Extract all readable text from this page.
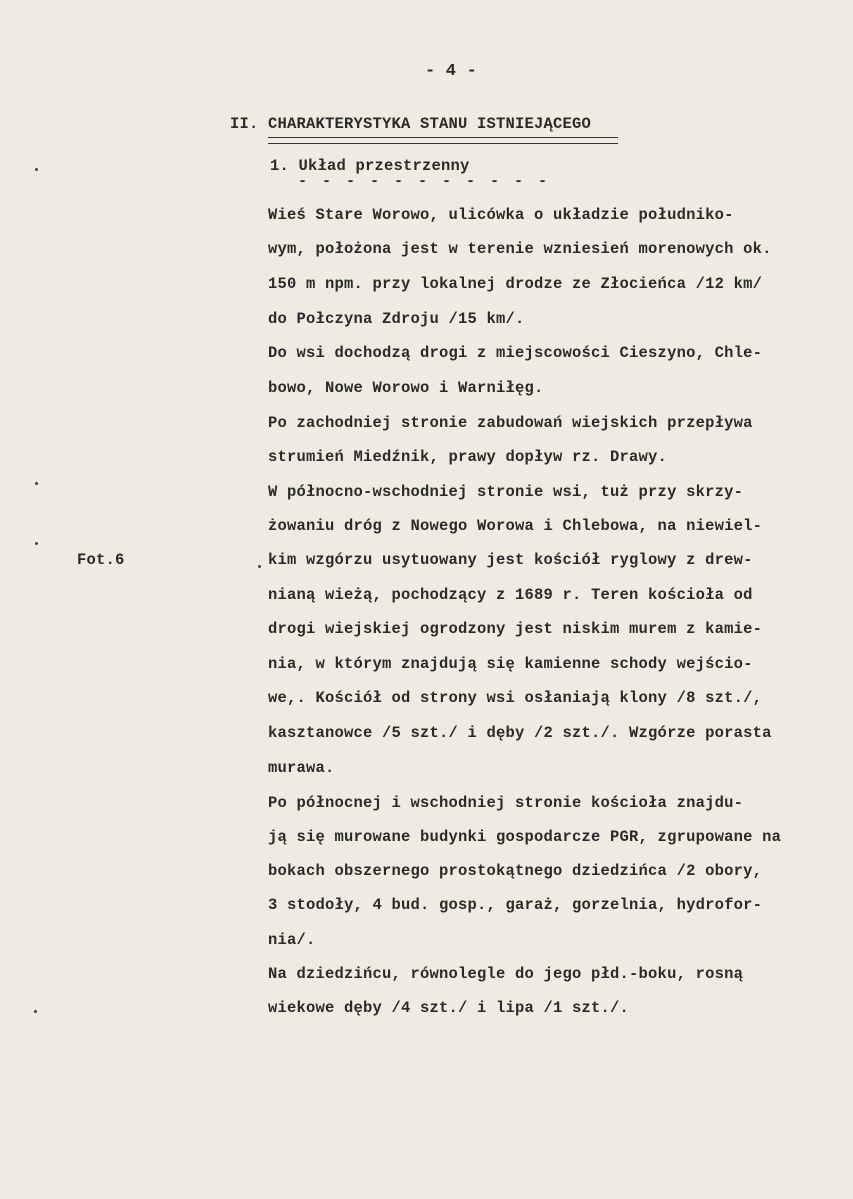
- 4 -
II. CHARAKTERYSTYKA STANU ISTNIEJĄCEGO
1. Układ przestrzenny
- - - - - - - - - - -
Fot.6
Wieś Stare Worowo, ulicówka o układzie południko-
wym, położona jest w terenie wzniesień morenowych ok.
150 m npm. przy lokalnej drodze ze Złocieńca /12 km/
do Połczyna Zdroju /15 km/.
Do wsi dochodzą drogi z miejscowości Cieszyno, Chle-
bowo, Nowe Worowo i Warniłęg.
Po zachodniej stronie zabudowań wiejskich przepływa
strumień Miedźnik, prawy dopływ rz. Drawy.
W północno-wschodniej stronie wsi, tuż przy skrzy-
żowaniu dróg z Nowego Worowa i Chlebowa, na niewiel-
kim wzgórzu usytuowany jest kościół ryglowy z drew-
nianą wieżą, pochodzący z 1689 r. Teren kościoła od
drogi wiejskiej ogrodzony jest niskim murem z kamie-
nia, w którym znajdują się kamienne schody wejścio-
we,. Kościół od strony wsi osłaniają klony /8 szt./,
kasztanowce /5 szt./ i dęby /2 szt./. Wzgórze porasta
murawa.
Po północnej i wschodniej stronie kościoła znajdu-
ją się murowane budynki gospodarcze PGR, zgrupowane na
bokach obszernego prostokątnego dziedzińca /2 obory,
3 stodoły, 4 bud. gosp., garaż, gorzelnia, hydrofor-
nia/.
Na dziedzińcu, równolegle do jego płd.-boku, rosną
wiekowe dęby /4 szt./ i lipa /1 szt./.
